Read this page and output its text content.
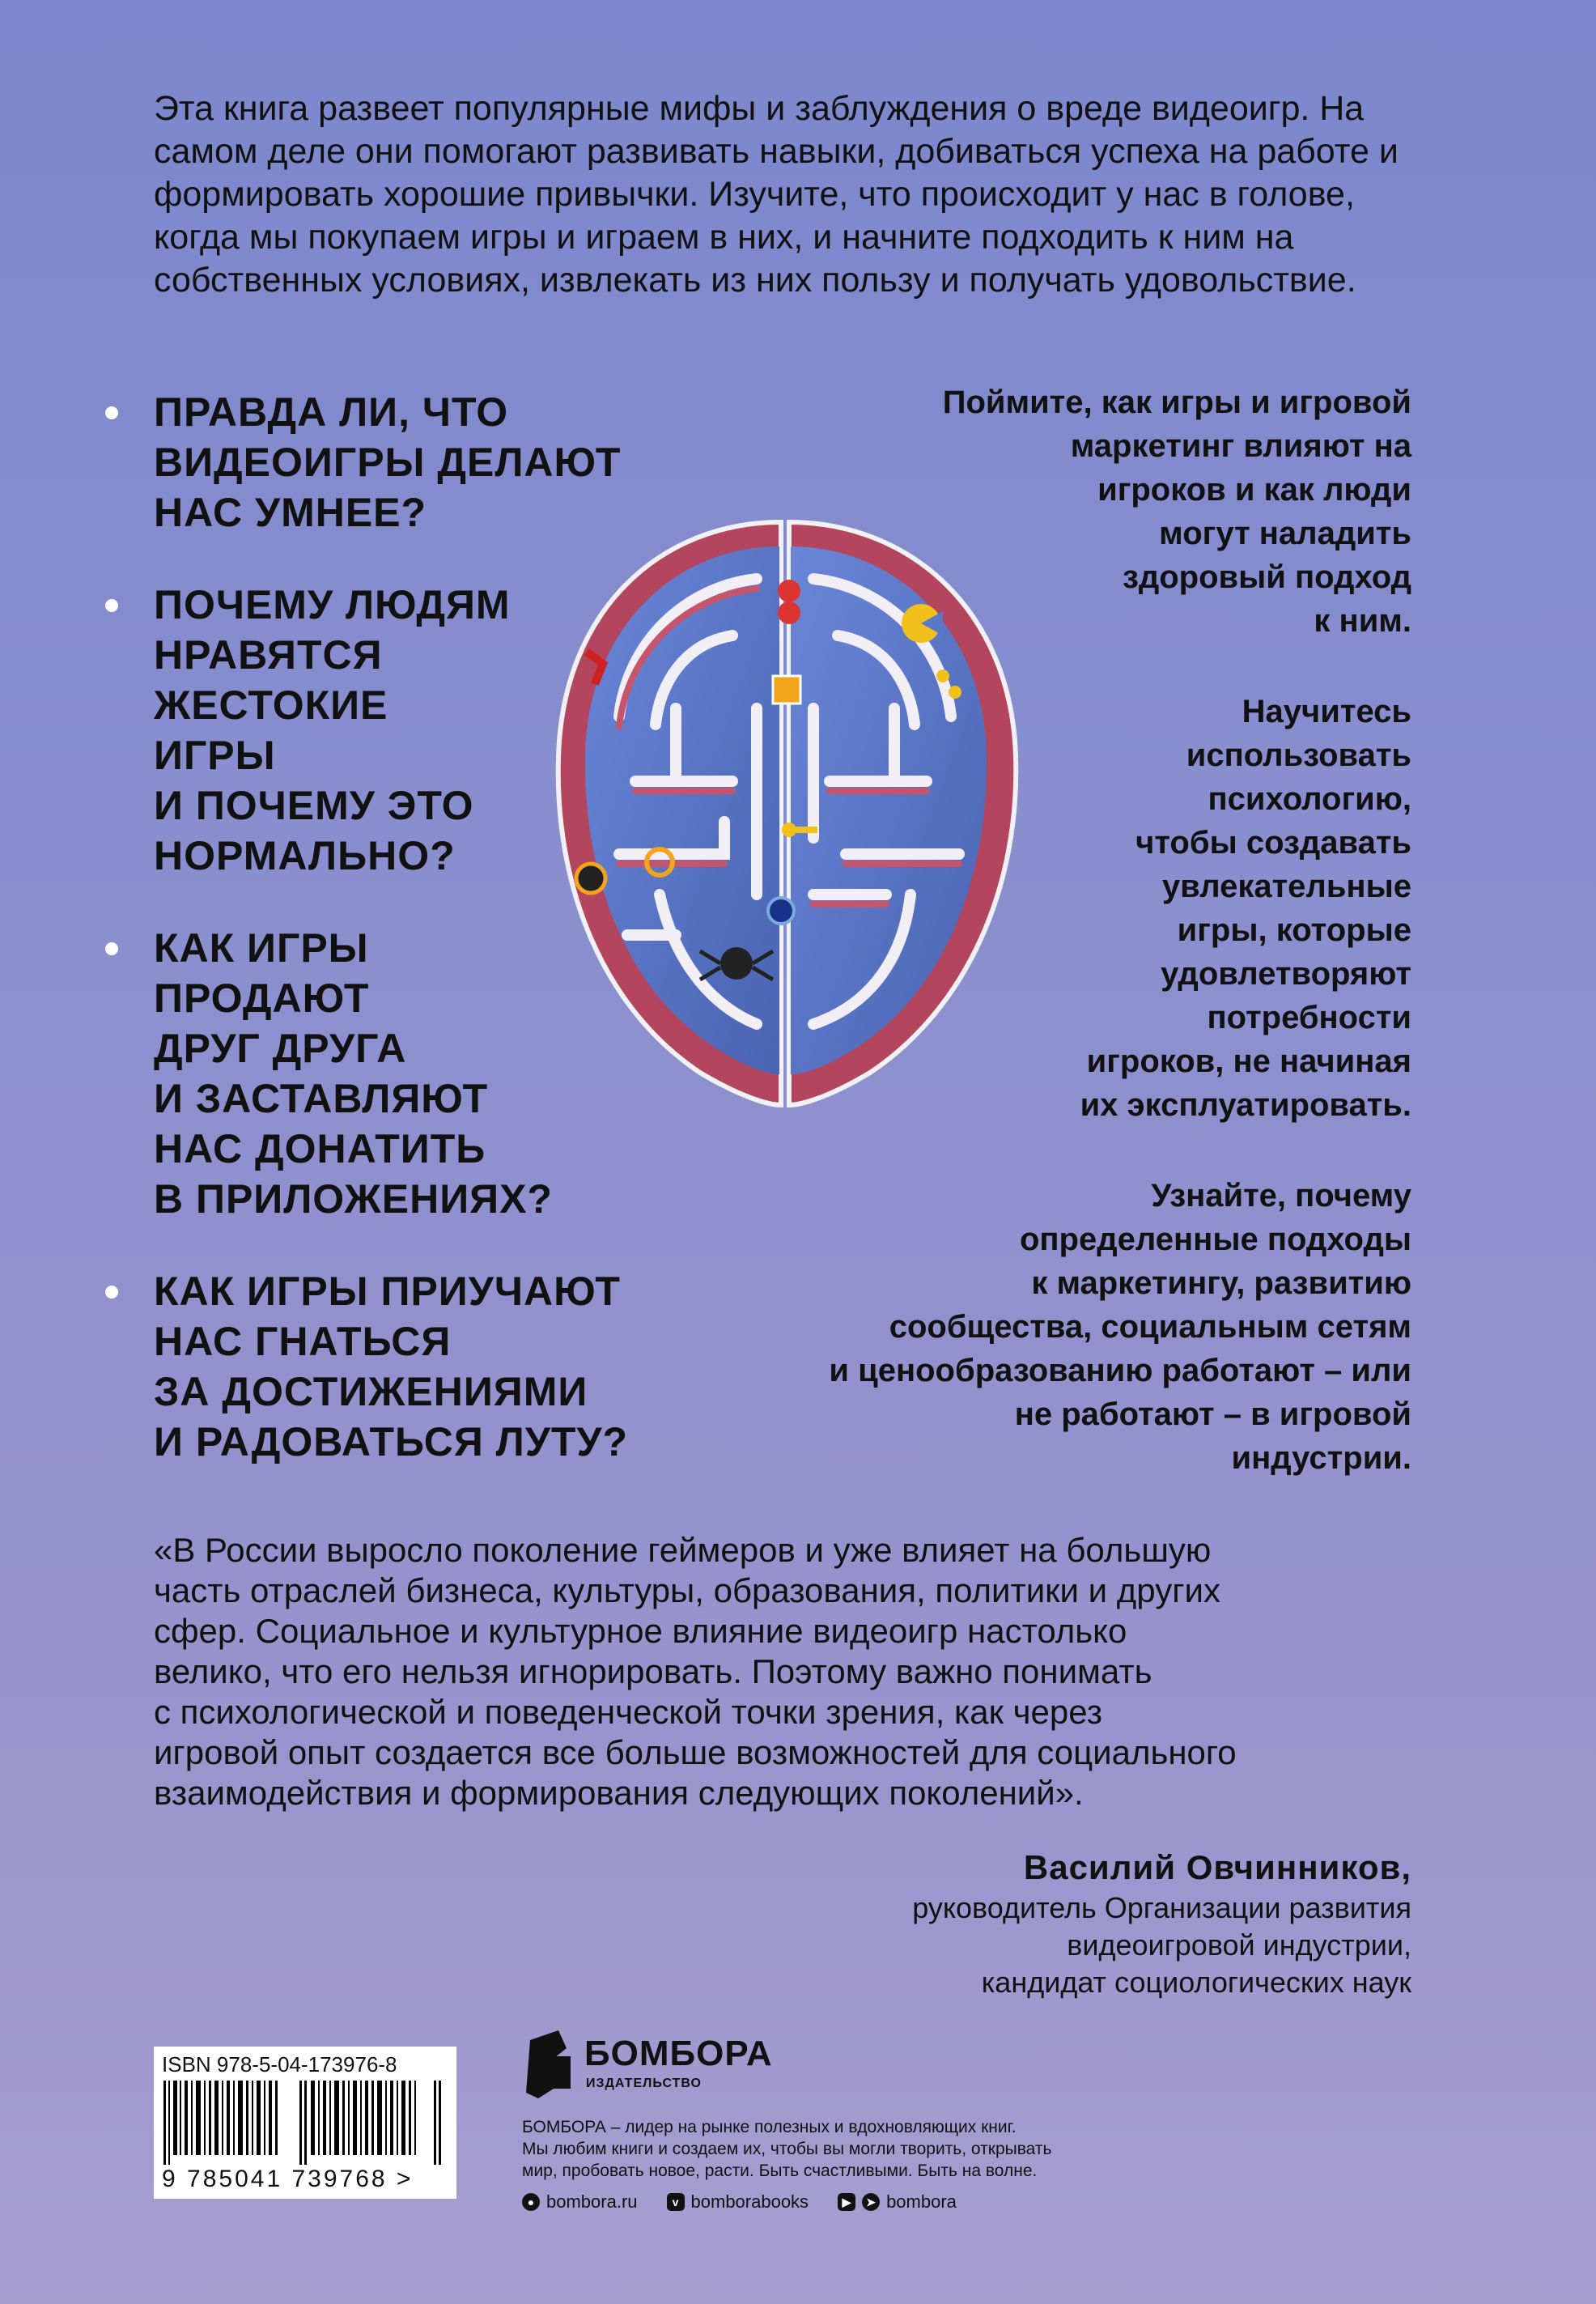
Эта книга развеет популярные мифы и заблуждения о вреде видеоигр. На самом деле они помогают развивать навыки, добиваться успеха на работе и формировать хорошие привычки. Изучите, что происходит у нас в голове, когда мы покупаем игры и играем в них, и начните подходить к ним на собственных условиях, извлекать из них пользу и получать удовольствие.

ПРАВДА ЛИ, ЧТО
ВИДЕОИГРЫ ДЕЛАЮТ
НАС УМНЕЕ?
ПОЧЕМУ ЛЮДЯМ
НРАВЯТСЯ
ЖЕСТОКИЕ
ИГРЫ
И ПОЧЕМУ ЭТО
НОРМАЛЬНО?
КАК ИГРЫ
ПРОДАЮТ
ДРУГ ДРУГА
И ЗАСТАВЛЯЮТ
НАС ДОНАТИТЬ
В ПРИЛОЖЕНИЯХ?
КАК ИГРЫ ПРИУЧАЮТ
НАС ГНАТЬСЯ
ЗА ДОСТИЖЕНИЯМИ
И РАДОВАТЬСЯ ЛУТУ?

Поймите, как игры и игровой
маркетинг влияют на
игроков и как люди
могут наладить
здоровый подход
к ним.

Научитесь
использовать
психологию,
чтобы создавать
увлекательные
игры, которые
удовлетворяют
потребности
игроков, не начиная
их эксплуатировать.

Узнайте, почему
определенные подходы
к маркетингу, развитию
сообщества, социальным сетям
и ценообразованию работают – или
не работают – в игровой индустрии.

«В России выросло поколение геймеров и уже влияет на большую
часть отраслей бизнеса, культуры, образования, политики и других
сфер. Социальное и культурное влияние видеоигр настолько
велико, что его нельзя игнорировать. Поэтому важно понимать
с психологической и поведенческой точки зрения, как через
игровой опыт создается все больше возможностей для социального
взаимодействия и формирования следующих поколений».

Василий Овчинников,
руководитель Организации развития
видеоигровой индустрии,
кандидат социологических наук
ISBN 978-5-04-173976-8
9 785041 739768 >
БОМБОРА
ИЗДАТЕЛЬСТВО

БОМБОРА – лидер на рынке полезных и вдохновляющих книг.
Мы любим книги и создаем их, чтобы вы могли творить, открывать
мир, пробовать новое, расти. Быть счастливыми. Быть на волне.

● bombora.ru	v bomborabooks	▶	➤ bombora
